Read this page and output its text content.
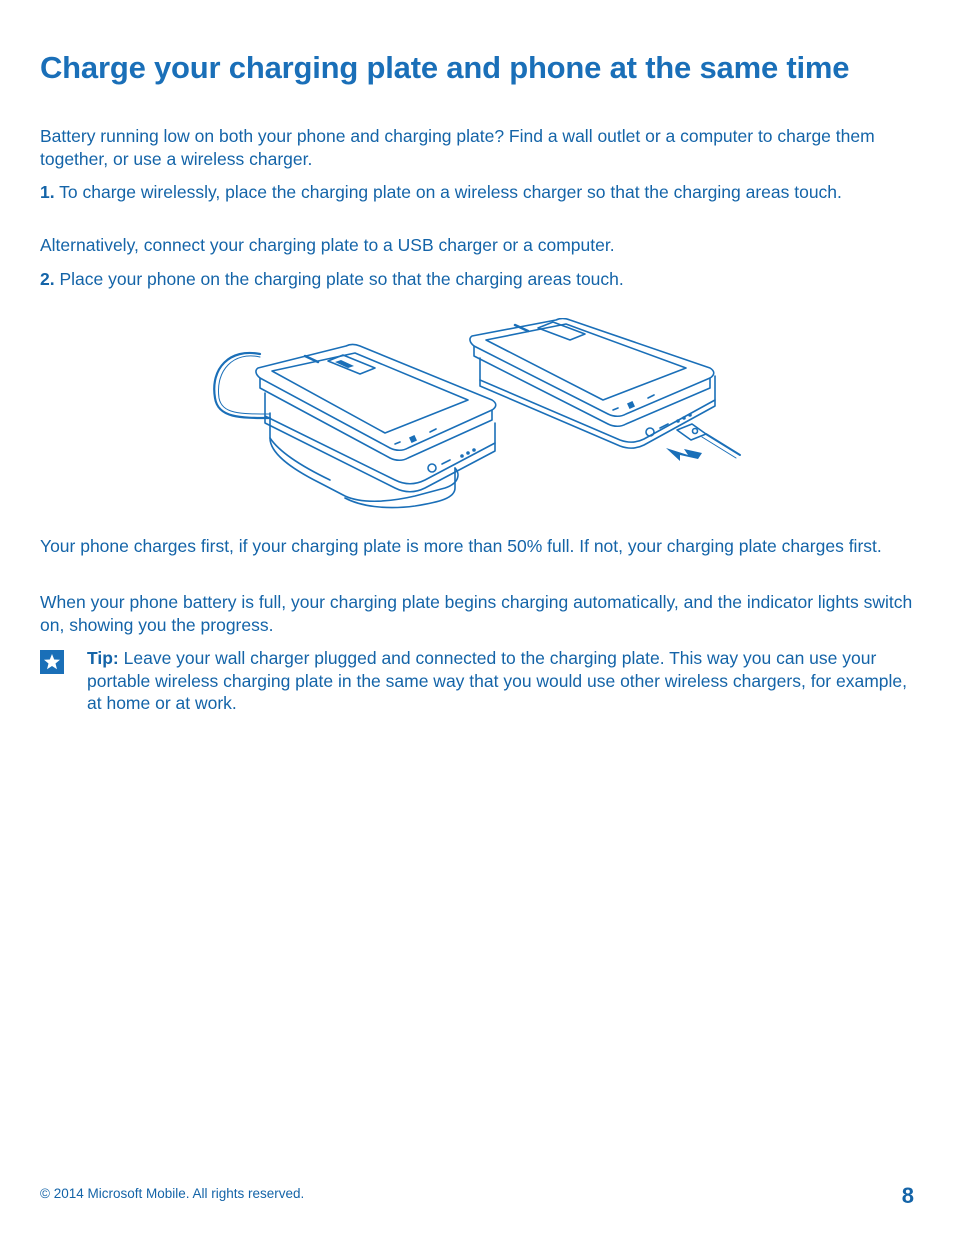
Charge your charging plate and phone at the same time

Battery running low on both your phone and charging plate? Find a wall outlet or a computer to charge them together, or use a wireless charger.

1. To charge wirelessly, place the charging plate on a wireless charger so that the charging areas touch.

Alternatively, connect your charging plate to a USB charger or a computer.

2. Place your phone on the charging plate so that the charging areas touch.

Your phone charges first, if your charging plate is more than 50% full. If not, your charging plate charges first.

When your phone battery is full, your charging plate begins charging automatically, and the indicator lights switch on, showing you the progress.

Tip: Leave your wall charger plugged and connected to the charging plate. This way you can use your portable wireless charging plate in the same way that you would use other wireless chargers, for example, at home or at work.

© 2014 Microsoft Mobile. All rights reserved.	8
